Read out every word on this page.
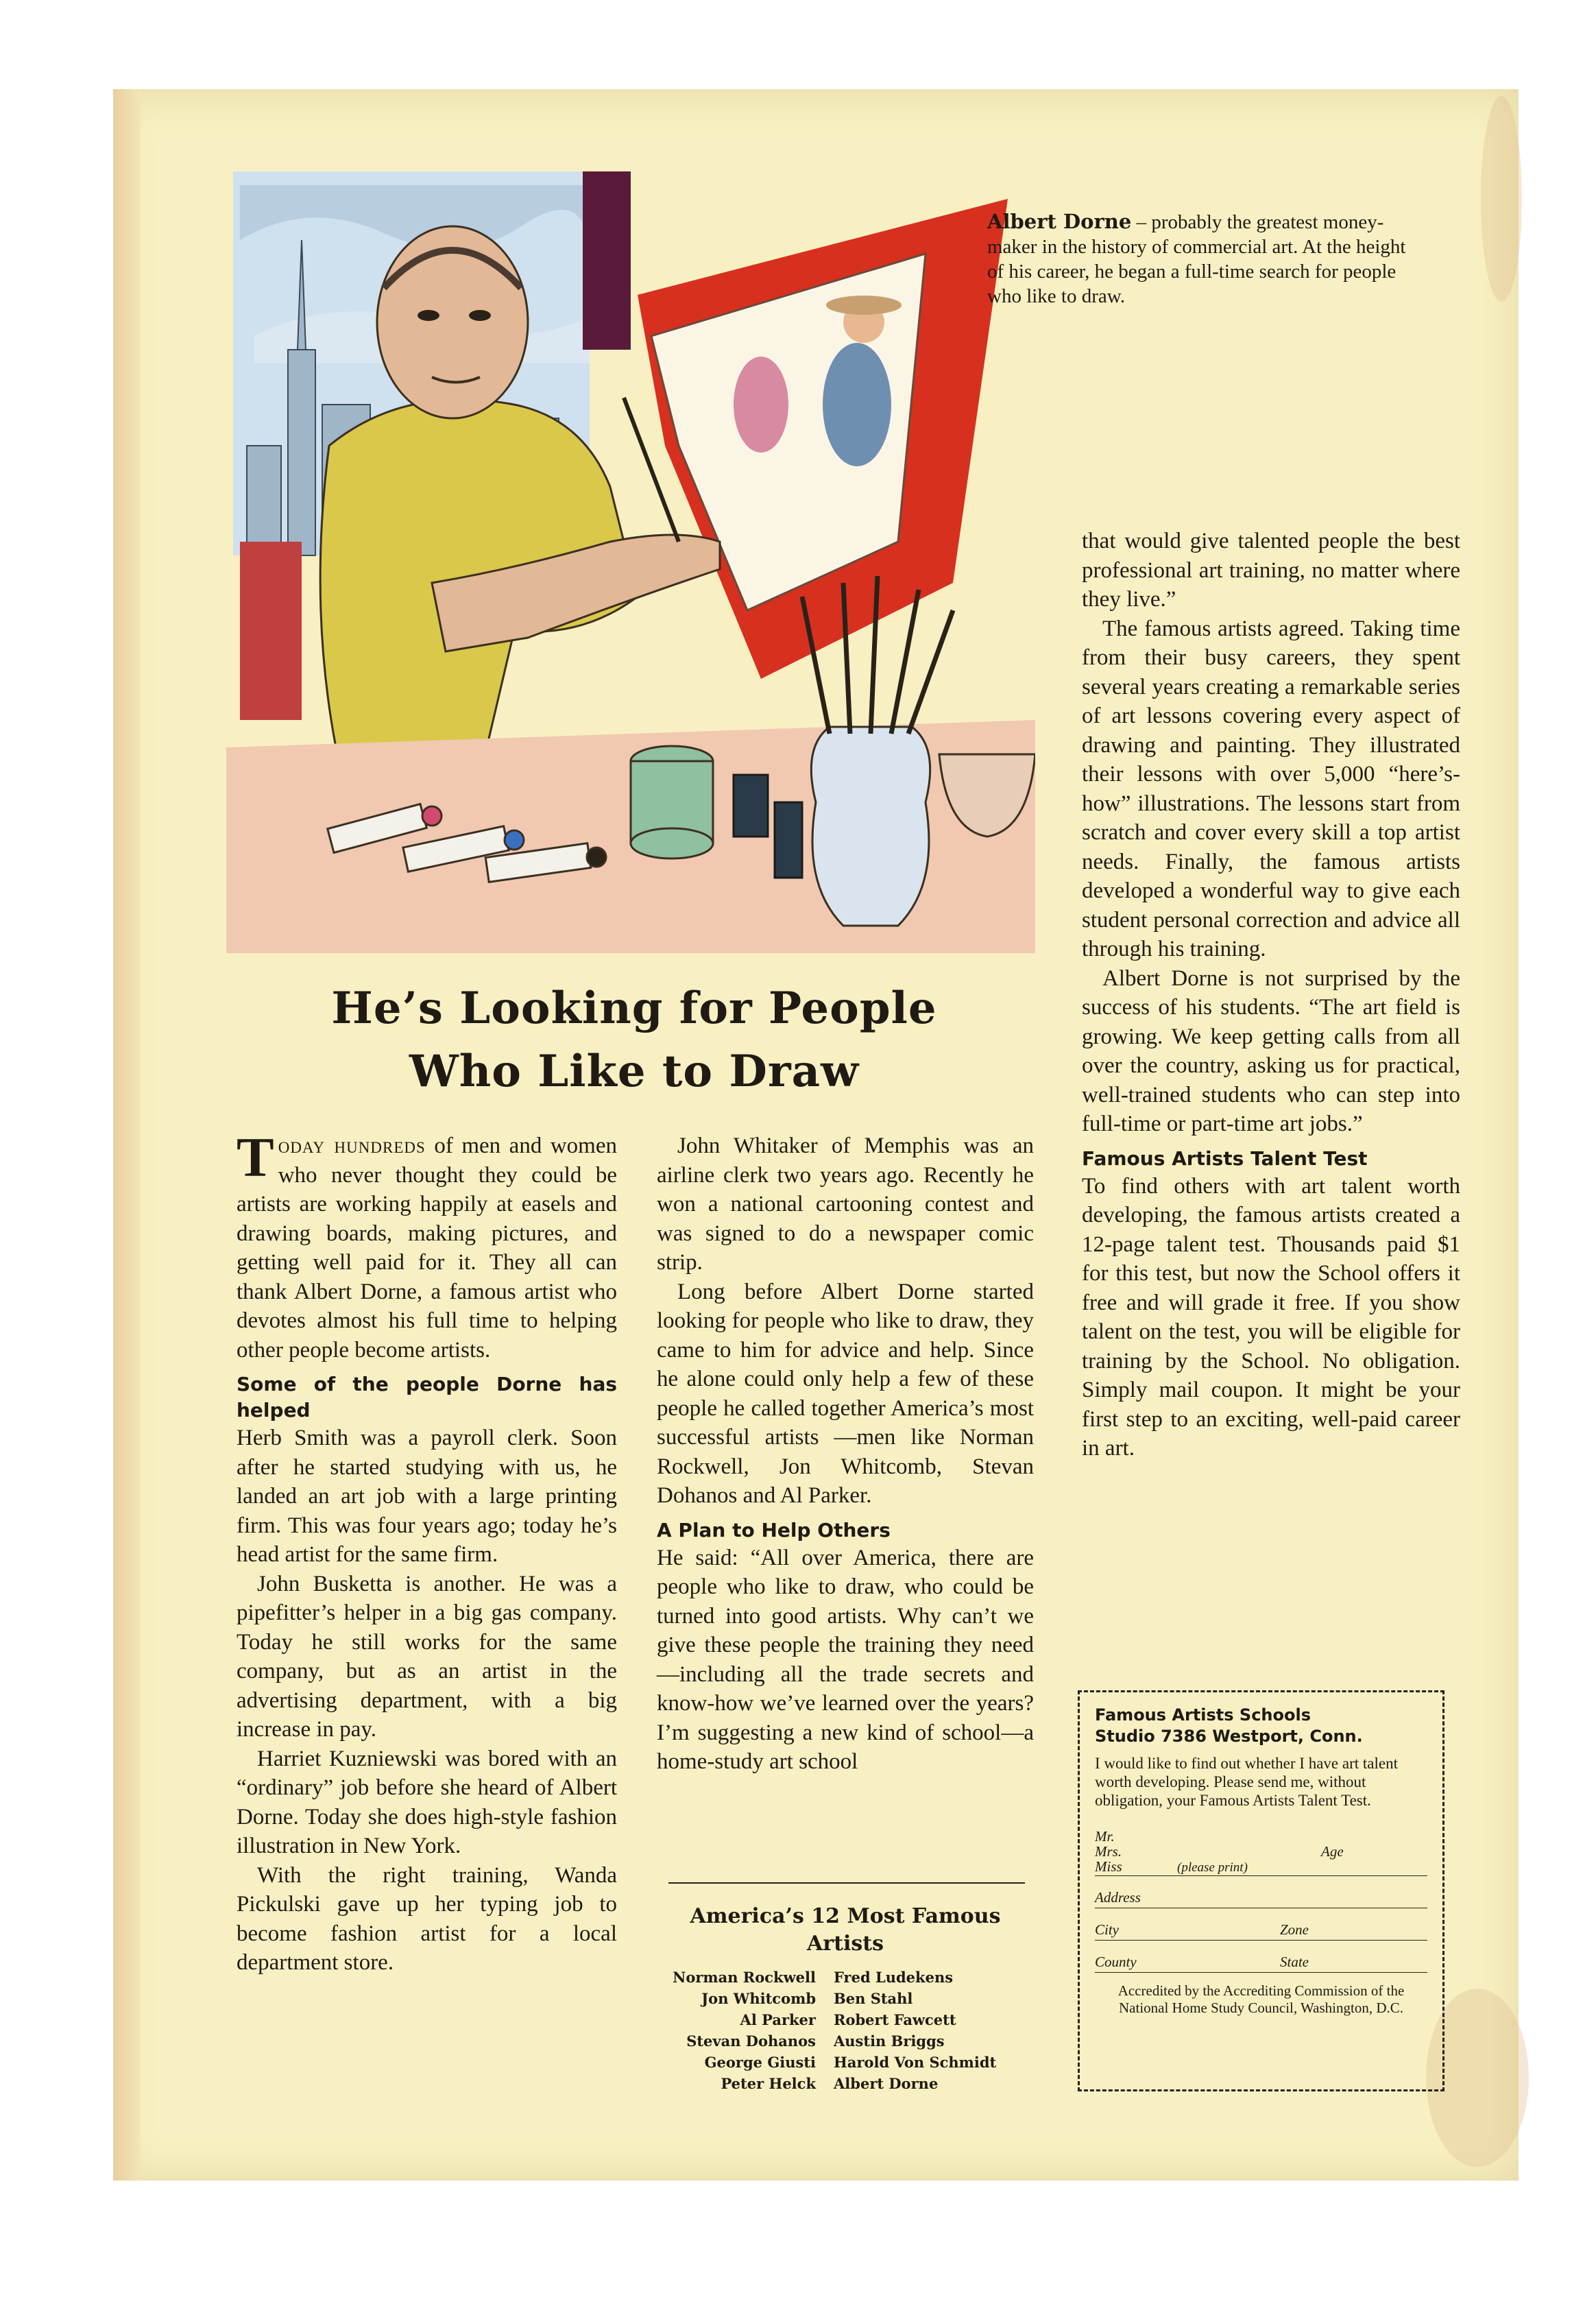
Albert Dorne – probably the greatest money-maker in the history of commercial art. At the height of his career, he began a full-time search for people who like to draw.
He’s Looking for People
Who Like to Draw

Today hundreds of men and women who never thought they could be artists are working happily at easels and drawing boards, making pictures, and getting well paid for it. They all can thank Albert Dorne, a famous artist who devotes almost his full time to helping other people become artists.

Some of the people Dorne has helped

Herb Smith was a payroll clerk. Soon after he started studying with us, he landed an art job with a large printing firm. This was four years ago; today he’s head artist for the same firm.

John Busketta is another. He was a pipefitter’s helper in a big gas company. Today he still works for the same company, but as an artist in the advertising department, with a big increase in pay.

Harriet Kuzniewski was bored with an “ordinary” job before she heard of Albert Dorne. Today she does high-style fashion illustration in New York.

With the right training, Wanda Pickulski gave up her typing job to become fashion artist for a local department store.

John Whitaker of Memphis was an airline clerk two years ago. Recently he won a national cartooning contest and was signed to do a newspaper comic strip.

Long before Albert Dorne started looking for people who like to draw, they came to him for advice and help. Since he alone could only help a few of these people he called together America’s most successful artists —men like Norman Rockwell, Jon Whitcomb, Stevan Dohanos and Al Parker.

A Plan to Help Others

He said: “All over America, there are people who like to draw, who could be turned into good artists. Why can’t we give these people the training they need—including all the trade secrets and know-how we’ve learned over the years? I’m suggesting a new kind of school—a home-study art school

America’s 12 Most Famous Artists
Norman Rockwell	Fred Ludekens
Jon Whitcomb	Ben Stahl
Al Parker	Robert Fawcett
Stevan Dohanos	Austin Briggs
George Giusti	Harold Von Schmidt
Peter Helck	Albert Dorne

that would give talented people the best professional art training, no matter where they live.”

The famous artists agreed. Taking time from their busy careers, they spent several years creating a remarkable series of art lessons covering every aspect of drawing and painting. They illustrated their lessons with over 5,000 “here’s-how” illustrations. The lessons start from scratch and cover every skill a top artist needs. Finally, the famous artists developed a wonderful way to give each student personal correction and advice all through his training.

Albert Dorne is not surprised by the success of his students. “The art field is growing. We keep getting calls from all over the country, asking us for practical, well-trained students who can step into full-time or part-time art jobs.”

Famous Artists Talent Test

To find others with art talent worth developing, the famous artists created a 12-page talent test. Thousands paid $1 for this test, but now the School offers it free and will grade it free. If you show talent on the test, you will be eligible for training by the School. No obligation. Simply mail coupon. It might be your first step to an exciting, well-paid career in art.

Famous Artists Schools
Studio 7386 Westport, Conn.
I would like to find out whether I have art talent worth developing. Please send me, without obligation, your Famous Artists Talent Test.
Mr.
Mrs.
Miss	(please print)
Age
Address
City	Zone
County	State
Accredited by the Accrediting Commission of the National Home Study Council, Washington, D.C.
